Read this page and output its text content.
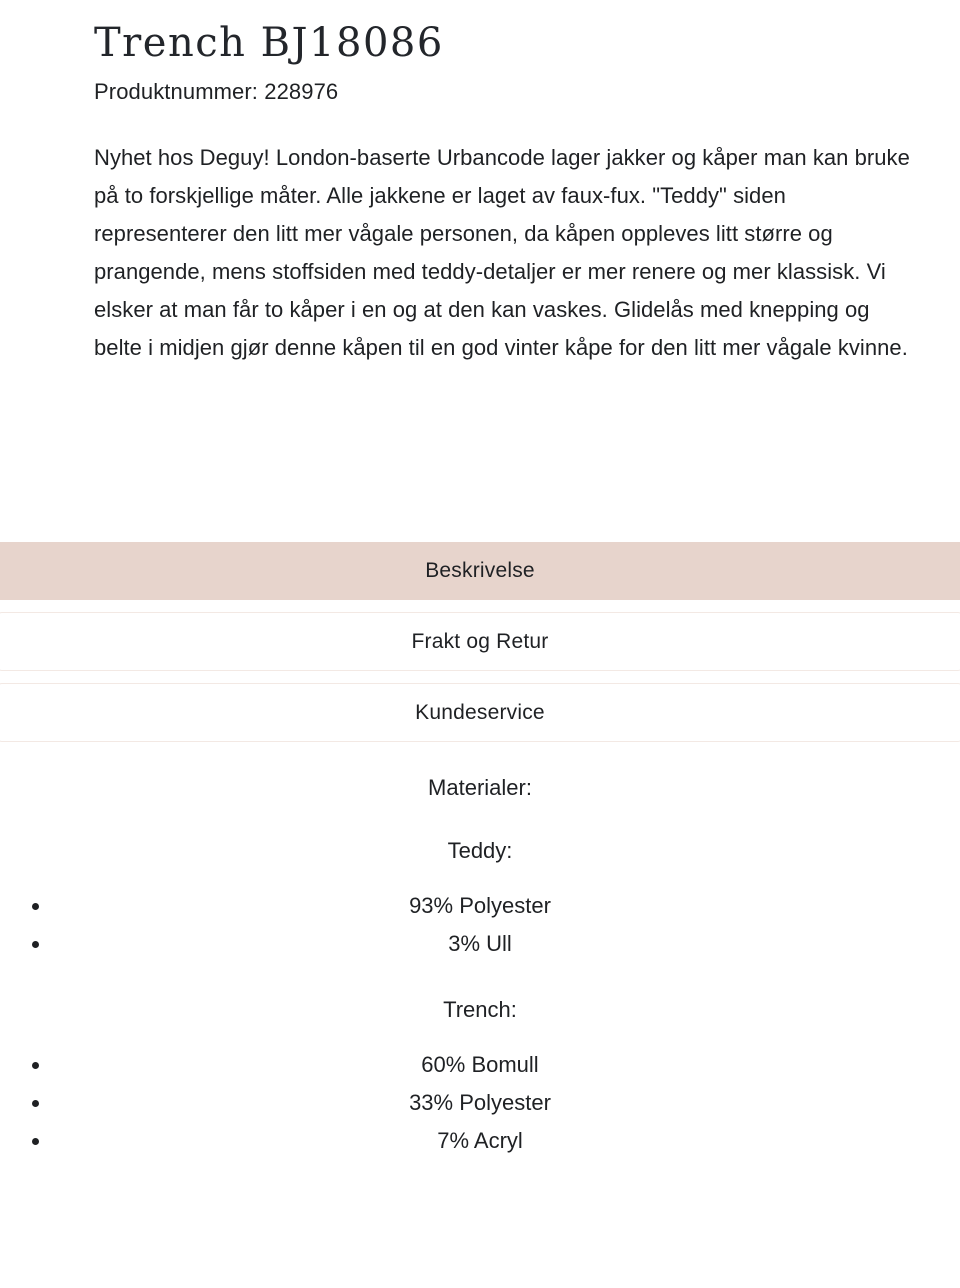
Trench BJ18086

Produktnummer: 228976

Nyhet hos Deguy! London-baserte Urbancode lager jakker og kåper man kan bruke på to forskjellige måter. Alle jakkene er laget av faux-fux. "Teddy" siden representerer den litt mer vågale personen, da kåpen oppleves litt større og prangende, mens stoffsiden med teddy-detaljer er mer renere og mer klassisk. Vi elsker at man får to kåper i en og at den kan vaskes. Glidelås med knepping og belte i midjen gjør denne kåpen til en god vinter kåpe for den litt mer vågale kvinne.

Beskrivelse
Frakt og Retur
Kundeservice

Materialer:

Teddy:

93% Polyester
3% Ull

Trench:

60% Bomull
33% Polyester
7% Acryl
